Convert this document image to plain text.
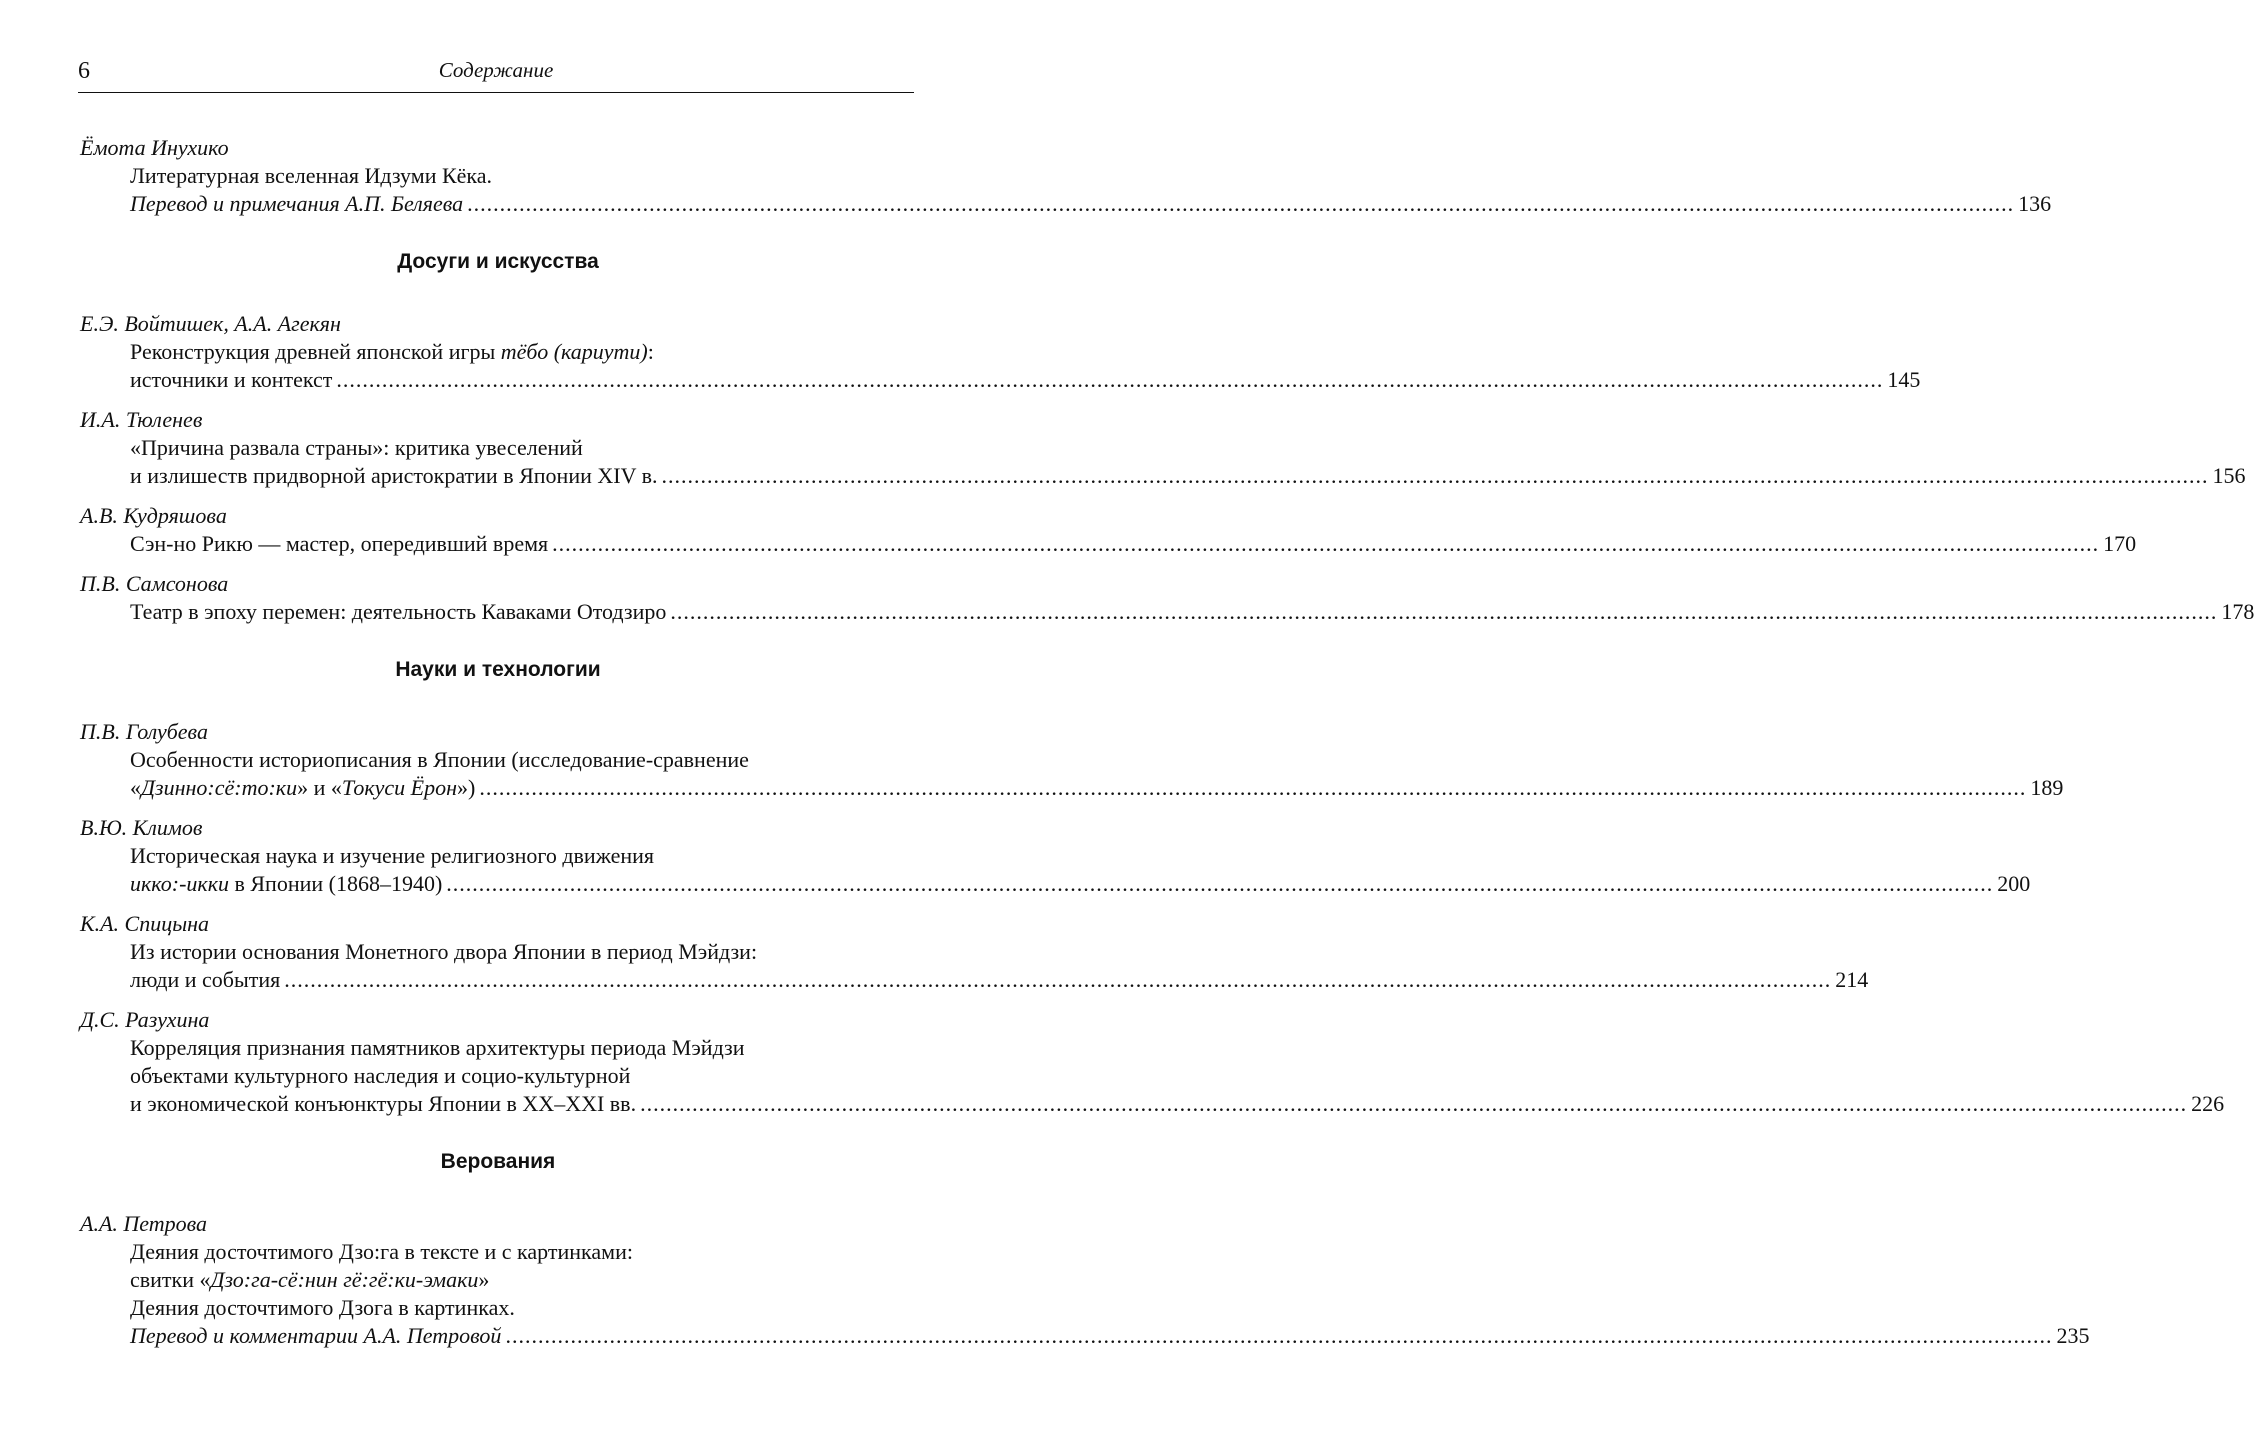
6	Содержание

Ёмота Инухико

Литературная вселенная Идзуми Кёка.

Перевод и примечания А.П. Беляева .............................................................................................................................................................................................................................................. 136

Досуги и искусства

Е.Э. Войтишек, А.А. Агекян

Реконструкция древней японской игры тёбо (кариути):

источники и контекст .............................................................................................................................................................................................................................................. 145

И.А. Тюленев

«Причина развала страны»: критика увеселений

и излишеств придворной аристократии в Японии XIV в. .............................................................................................................................................................................................................................................. 156

А.В. Кудряшова

Сэн-но Рикю — мастер, опередивший время .............................................................................................................................................................................................................................................. 170

П.В. Самсонова

Театр в эпоху перемен: деятельность Каваками Отодзиро .............................................................................................................................................................................................................................................. 178

Науки и технологии

П.В. Голубева

Особенности историописания в Японии (исследование-сравнение

«Дзинно:сё:то:ки» и «Токуси Ёрон») .............................................................................................................................................................................................................................................. 189

В.Ю. Климов

Историческая наука и изучение религиозного движения

икко:-икки в Японии (1868–1940) .............................................................................................................................................................................................................................................. 200

К.А. Спицына

Из истории основания Монетного двора Японии в период Мэйдзи:

люди и события .............................................................................................................................................................................................................................................. 214

Д.С. Разухина

Корреляция признания памятников архитектуры периода Мэйдзи

объектами культурного наследия и социо-культурной

и экономической конъюнктуры Японии в XX–XXI вв. .............................................................................................................................................................................................................................................. 226

Верования

А.А. Петрова

Деяния досточтимого Дзо:га в тексте и с картинками:

свитки «Дзо:га-сё:нин гё:гё:ки-эмаки»

Деяния досточтимого Дзога в картинках.

Перевод и комментарии А.А. Петровой .............................................................................................................................................................................................................................................. 235
